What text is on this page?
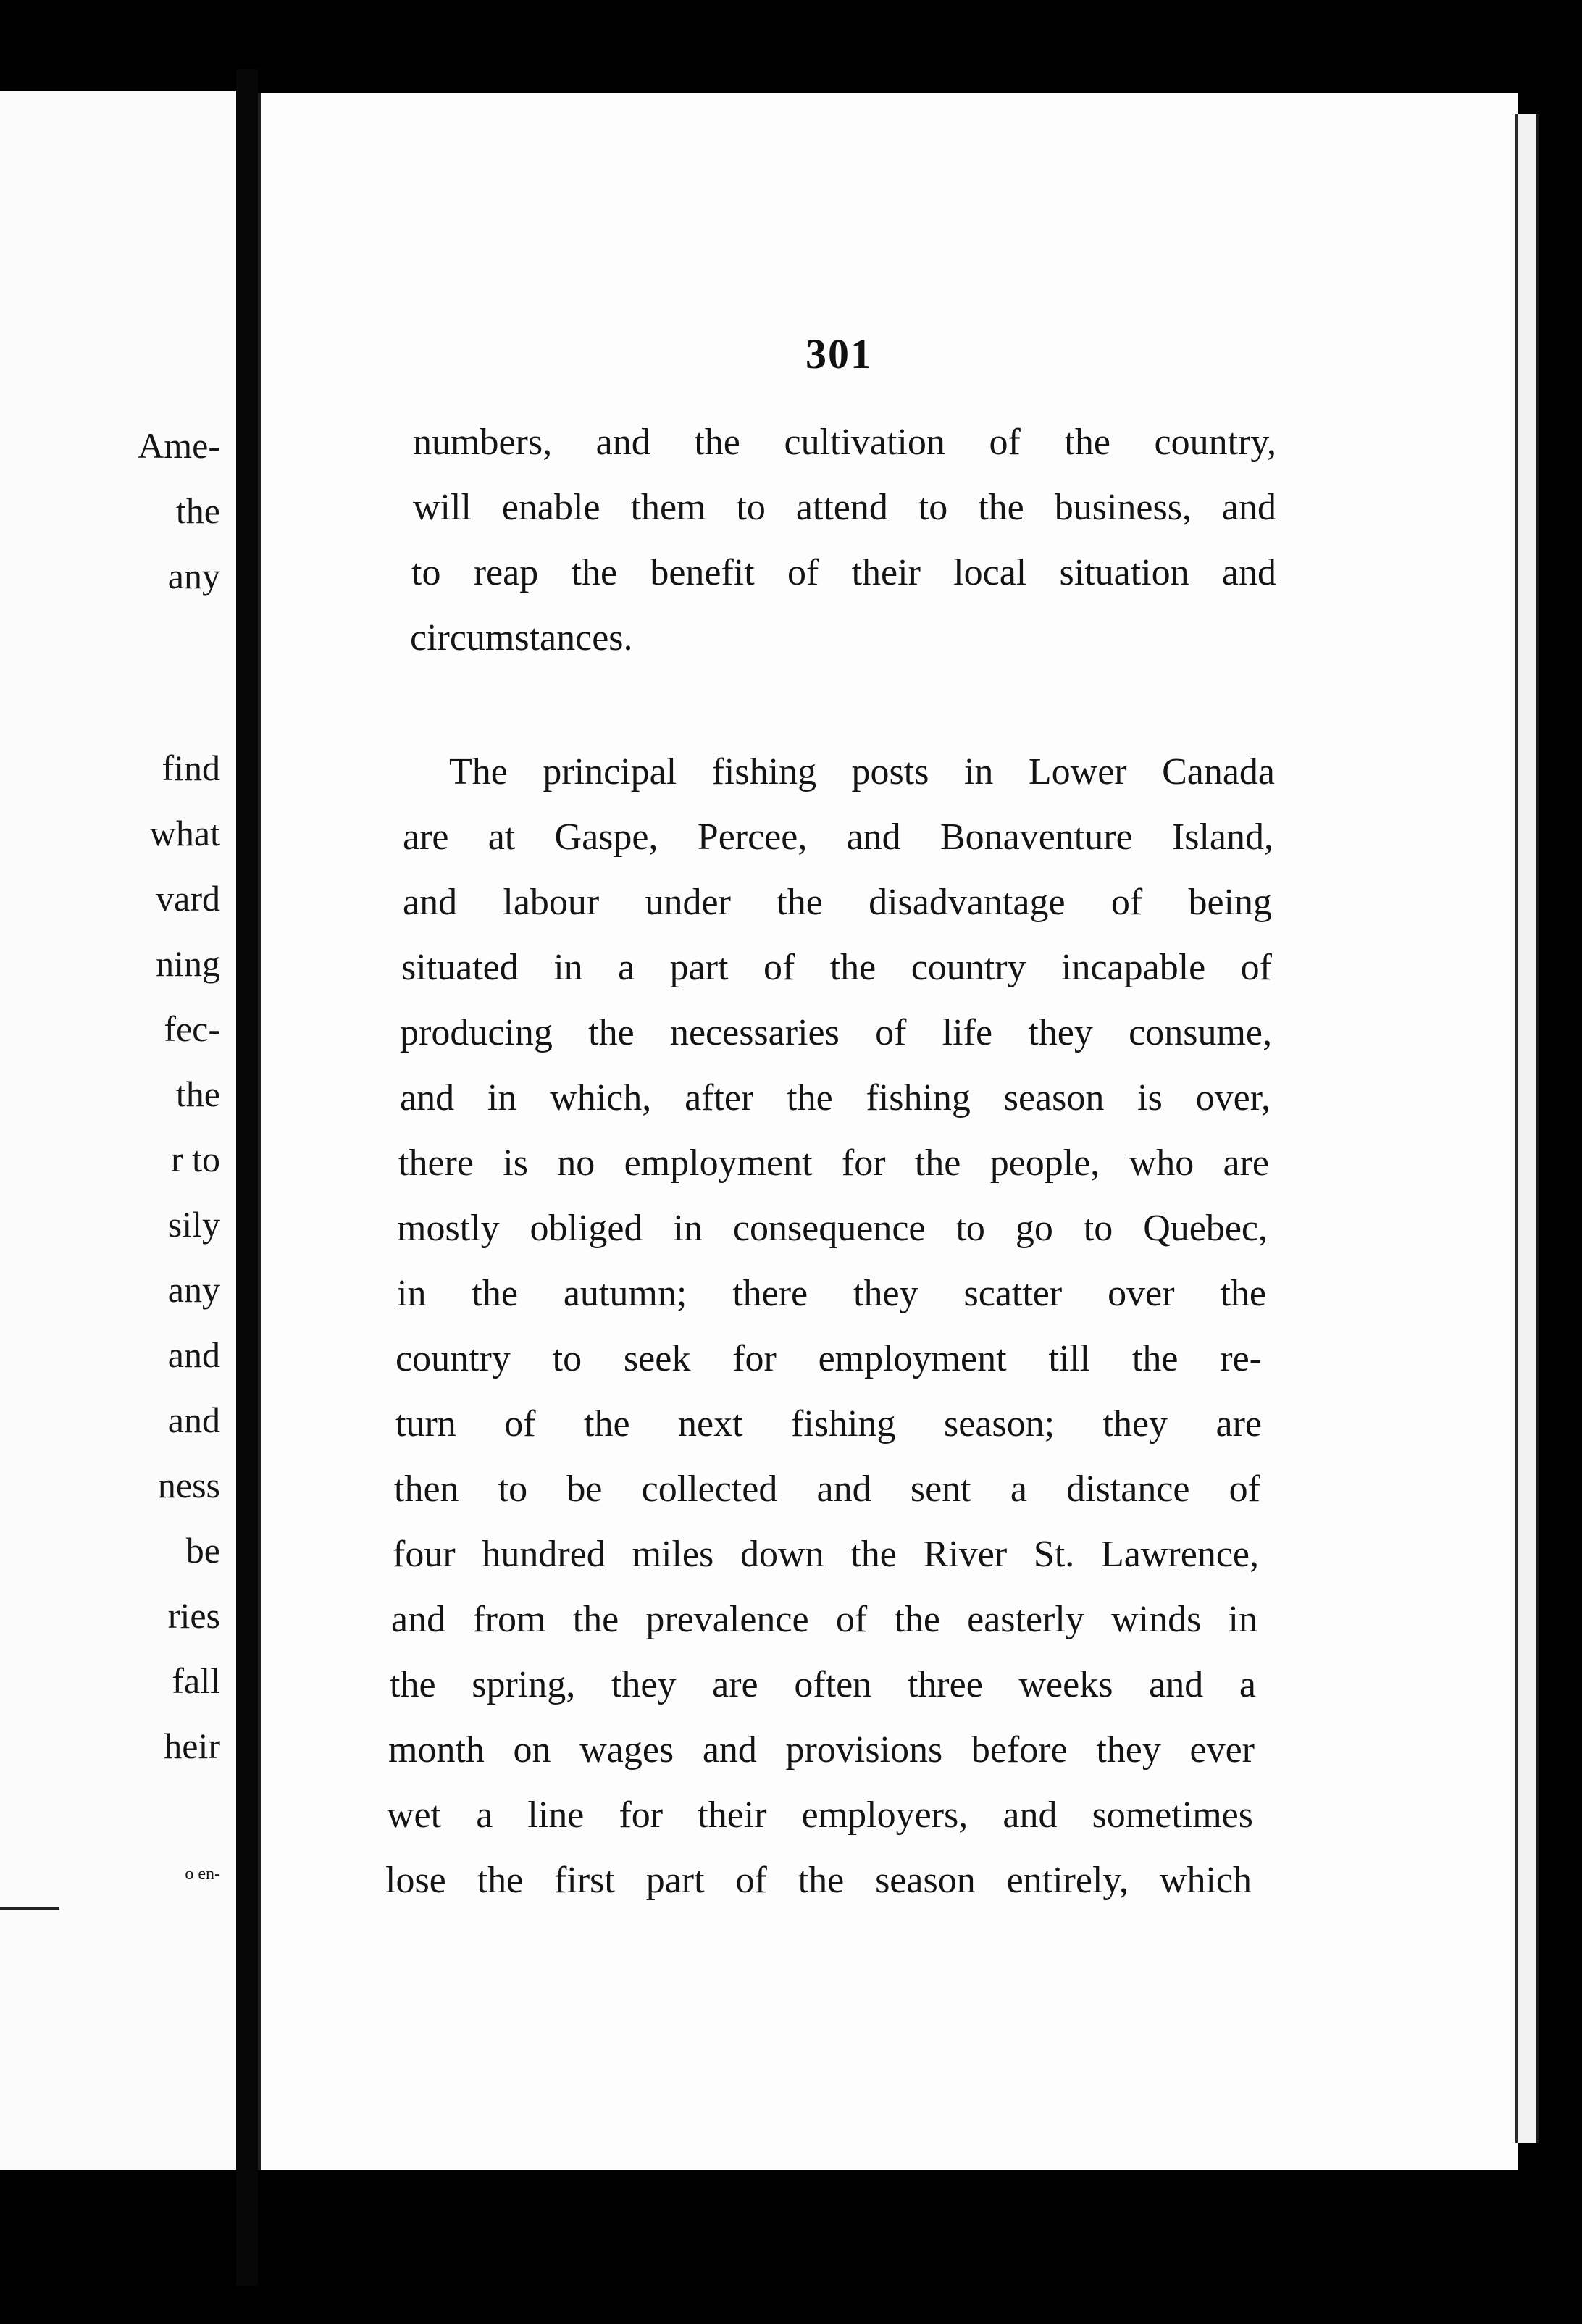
Ame-
the
any
find
what
vard
ning
fec-
the
r to
sily
any
and
and
ness
be
ries
fall
heir
o en-
301
numbers, and the cultivation of the country,
will enable them to attend to the business, and
to reap the benefit of their local situation and
circumstances.
The principal fishing posts in Lower Canada
are at Gaspe, Percee, and Bonaventure Island,
and labour under the disadvantage of being
situated in a part of the country incapable of
producing the necessaries of life they consume,
and in which, after the fishing season is over,
there is no employment for the people, who are
mostly obliged in consequence to go to Quebec,
in the autumn; there they scatter over the
country to seek for employment till the re-
turn of the next fishing season; they are
then to be collected and sent a distance of
four hundred miles down the River St. Lawrence,
and from the prevalence of the easterly winds in
the spring, they are often three weeks and a
month on wages and provisions before they ever
wet a line for their employers, and sometimes
lose the first part of the season entirely, which
